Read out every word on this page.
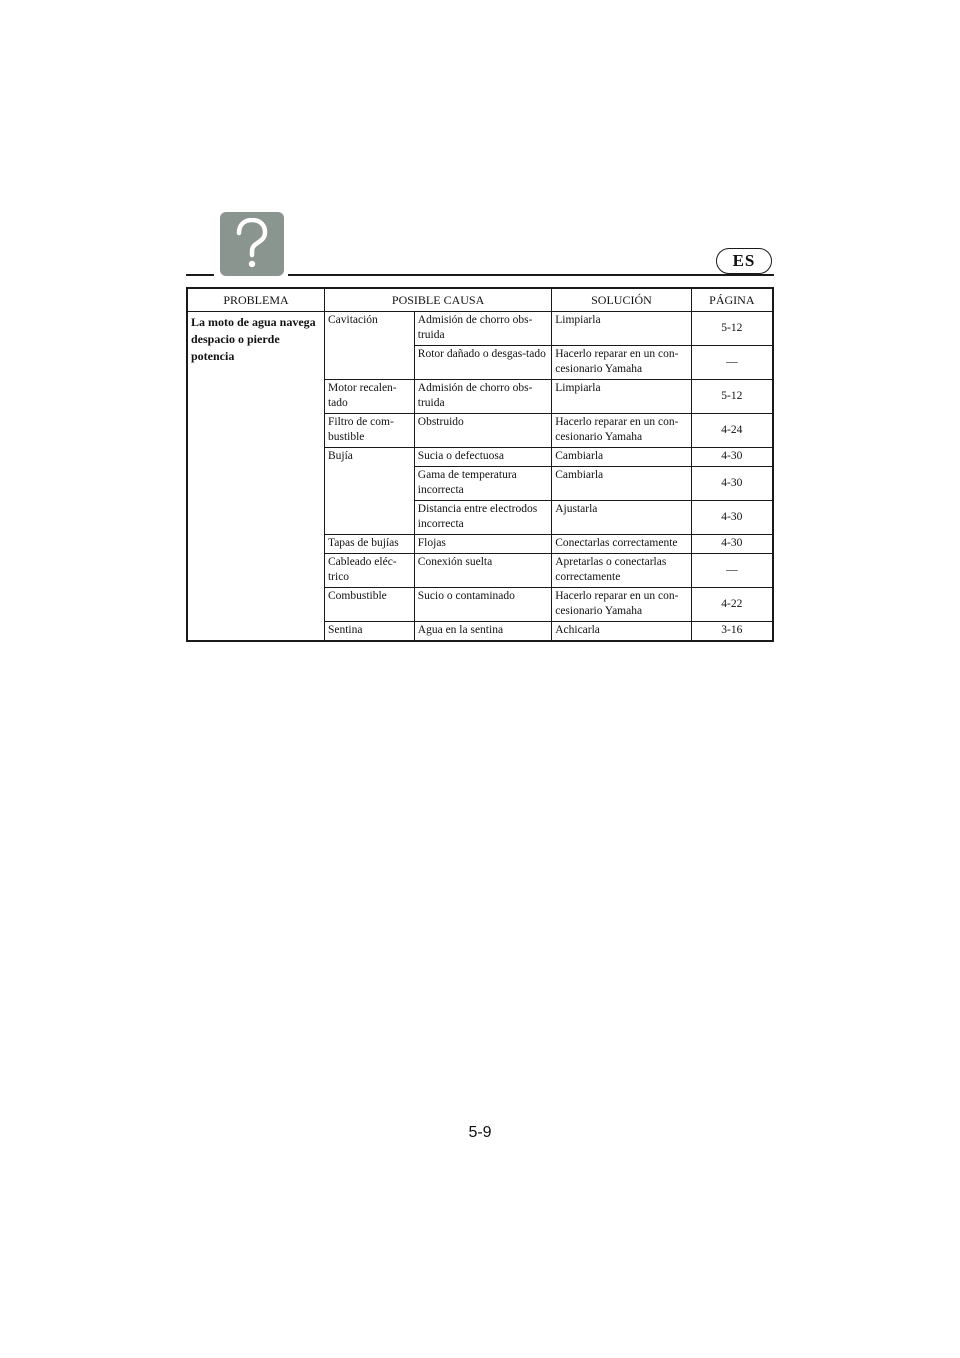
ES
PROBLEMA	POSIBLE CAUSA		SOLUCIÓN	PÁGINA
La moto de agua navega despacio o pierde potencia	Cavitación	Admisión de chorro obs-truida	Limpiarla	5-12
		Rotor dañado o desgas-tado	Hacerlo reparar en un con-cesionario Yamaha	—
	Motor recalen-tado	Admisión de chorro obs-truida	Limpiarla	5-12
	Filtro de com-bustible	Obstruido	Hacerlo reparar en un con-cesionario Yamaha	4-24
	Bujía	Sucia o defectuosa	Cambiarla	4-30
		Gama de temperatura incorrecta	Cambiarla	4-30
		Distancia entre electrodos incorrecta	Ajustarla	4-30
	Tapas de bujías	Flojas	Conectarlas correctamente	4-30
	Cableado eléc-trico	Conexión suelta	Apretarlas o conectarlas correctamente	—
	Combustible	Sucio o contaminado	Hacerlo reparar en un con-cesionario Yamaha	4-22
	Sentina	Agua en la sentina	Achicarla	3-16
5-9
